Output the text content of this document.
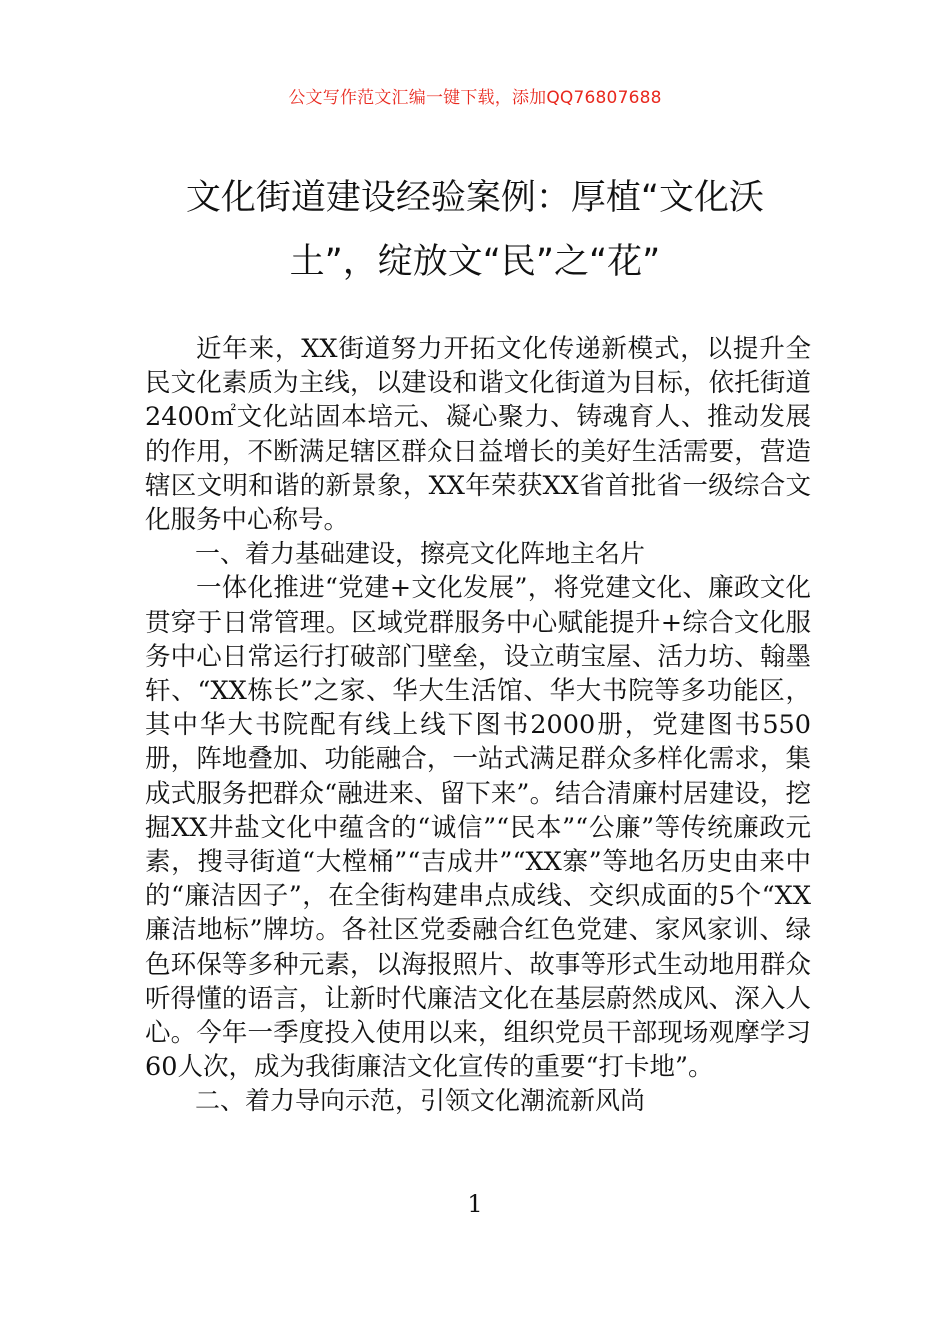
公文写作范文汇编一键下载，添加QQ76807688
文化街道建设经验案例：厚植“文化沃
土”，绽放文“民”之“花”

近年来，XX街道努力开拓文化传递新模式，以提升全民文化素质为主线，以建设和谐文化街道为目标，依托街道2400㎡文化站固本培元、凝心聚力、铸魂育人、推动发展的作用，不断满足辖区群众日益增长的美好生活需要，营造辖区文明和谐的新景象，XX年荣获XX省首批省一级综合文化服务中心称号。

一、着力基础建设，擦亮文化阵地主名片

一体化推进“党建+文化发展”，将党建文化、廉政文化贯穿于日常管理。区域党群服务中心赋能提升+综合文化服务中心日常运行打破部门壁垒，设立萌宝屋、活力坊、翰墨轩、“XX栋长”之家、华大生活馆、华大书院等多功能区，其中华大书院配有线上线下图书2000册，党建图书550册，阵地叠加、功能融合，一站式满足群众多样化需求，集成式服务把群众“融进来、留下来”。结合清廉村居建设，挖掘XX井盐文化中蕴含的“诚信”“民本”“公廉”等传统廉政元素，搜寻街道“大樘桶”“吉成井”“XX寨”等地名历史由来中的“廉洁因子”，在全街构建串点成线、交织成面的5个“XX廉洁地标”牌坊。各社区党委融合红色党建、家风家训、绿色环保等多种元素，以海报照片、故事等形式生动地用群众听得懂的语言，让新时代廉洁文化在基层蔚然成风、深入人心。今年一季度投入使用以来，组织党员干部现场观摩学习60人次，成为我街廉洁文化宣传的重要“打卡地”。

二、着力导向示范，引领文化潮流新风尚

1
